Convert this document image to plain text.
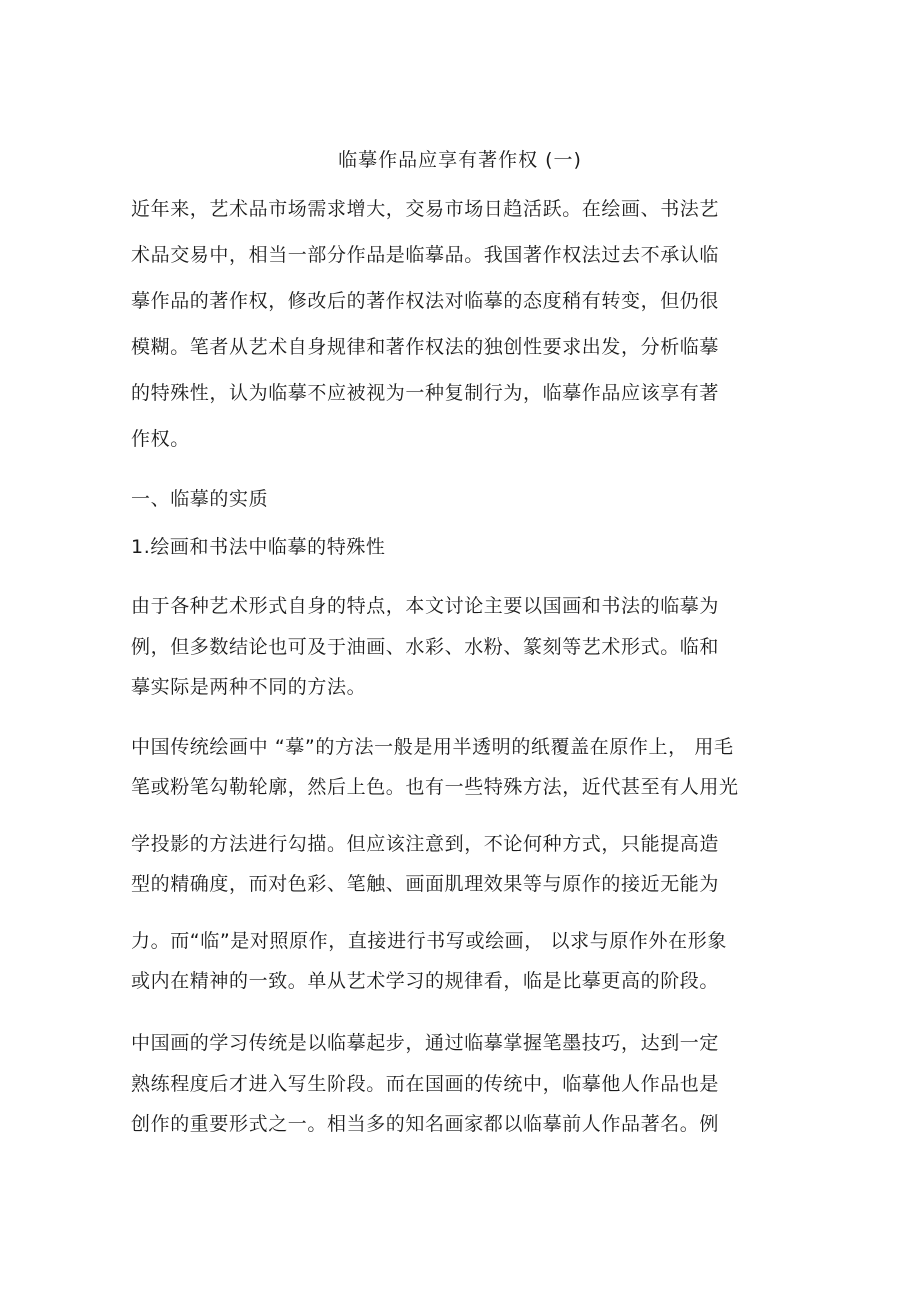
临摹作品应享有著作权 (一)
近年来，艺术品市场需求增大，交易市场日趋活跃。在绘画、书法艺
术品交易中，相当一部分作品是临摹品。我国著作权法过去不承认临
摹作品的著作权，修改后的著作权法对临摹的态度稍有转变，但仍很
模糊。笔者从艺术自身规律和著作权法的独创性要求出发，分析临摹
的特殊性，认为临摹不应被视为一种复制行为，临摹作品应该享有著
作权。
一、临摹的实质
1.绘画和书法中临摹的特殊性
由于各种艺术形式自身的特点，本文讨论主要以国画和书法的临摹为
例，但多数结论也可及于油画、水彩、水粉、篆刻等艺术形式。临和
摹实际是两种不同的方法。
中国传统绘画中 “摹”的方法一般是用半透明的纸覆盖在原作上， 用毛
笔或粉笔勾勒轮廓，然后上色。也有一些特殊方法，近代甚至有人用光
学投影的方法进行勾描。但应该注意到，不论何种方式，只能提高造
型的精确度，而对色彩、笔触、画面肌理效果等与原作的接近无能为
力。而“临”是对照原作，直接进行书写或绘画， 以求与原作外在形象
或内在精神的一致。单从艺术学习的规律看，临是比摹更高的阶段。
中国画的学习传统是以临摹起步，通过临摹掌握笔墨技巧，达到一定
熟练程度后才进入写生阶段。而在国画的传统中，临摹他人作品也是
创作的重要形式之一。相当多的知名画家都以临摹前人作品著名。例
